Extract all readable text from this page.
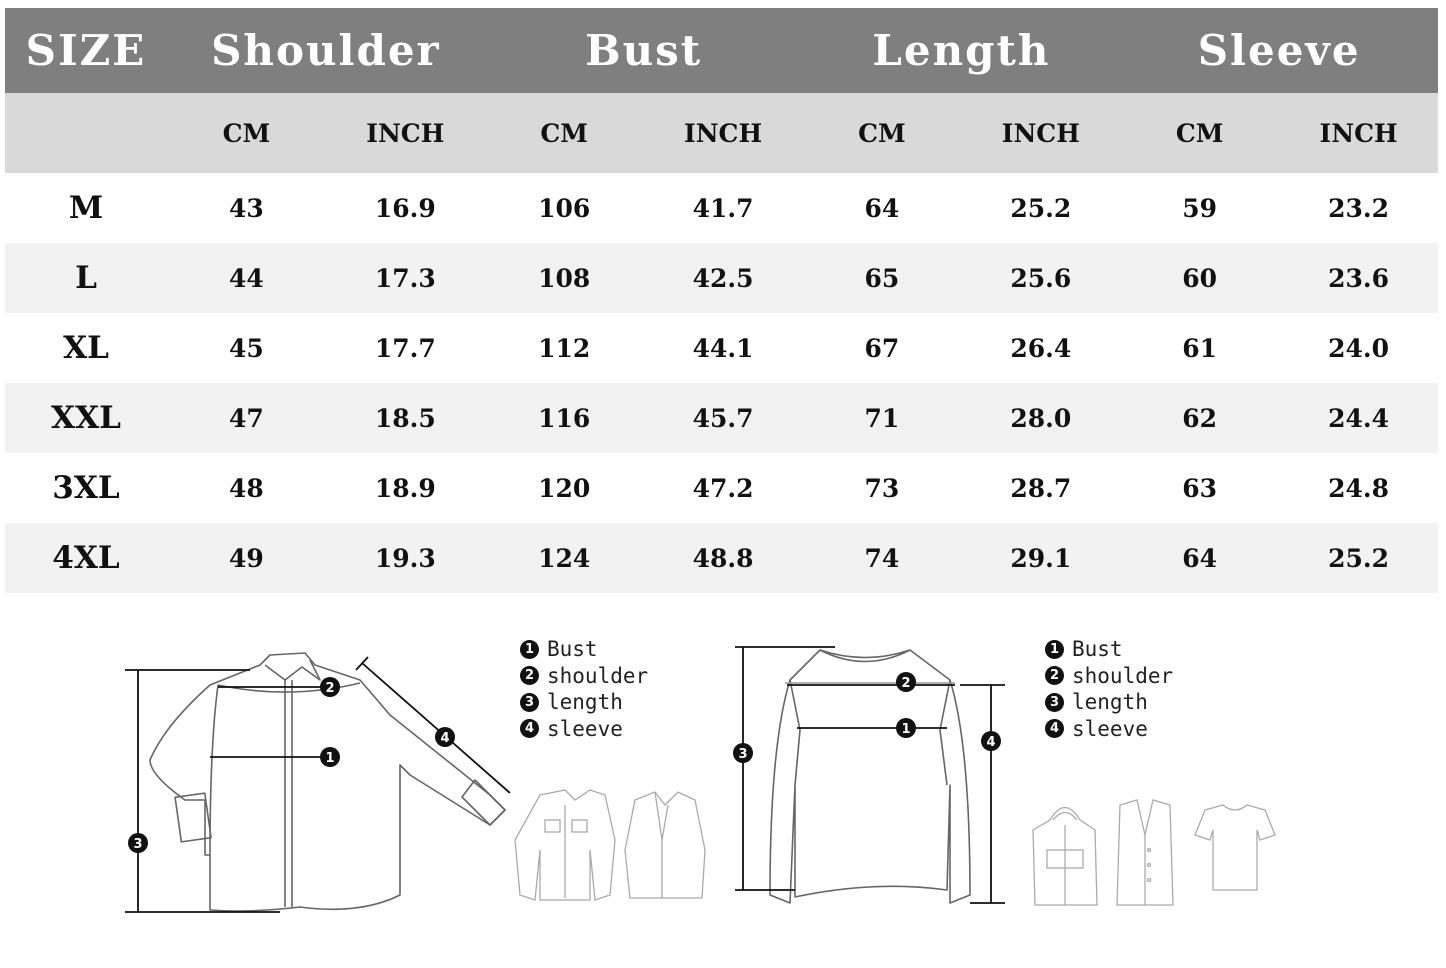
SIZE	Shoulder		Bust		Length		Sleeve	
	CM	INCH	CM	INCH	CM	INCH	CM	INCH
M	43	16.9	106	41.7	64	25.2	59	23.2
L	44	17.3	108	42.5	65	25.6	60	23.6
XL	45	17.7	112	44.1	67	26.4	61	24.0
XXL	47	18.5	116	45.7	71	28.0	62	24.4
3XL	48	18.9	120	47.2	73	28.7	63	24.8
4XL	49	19.3	124	48.8	74	29.1	64	25.2
2
1
3
4
1 Bust
2 shoulder
3 length
4 sleeve
2
1
3
4
1 Bust
2 shoulder
3 length
4 sleeve
